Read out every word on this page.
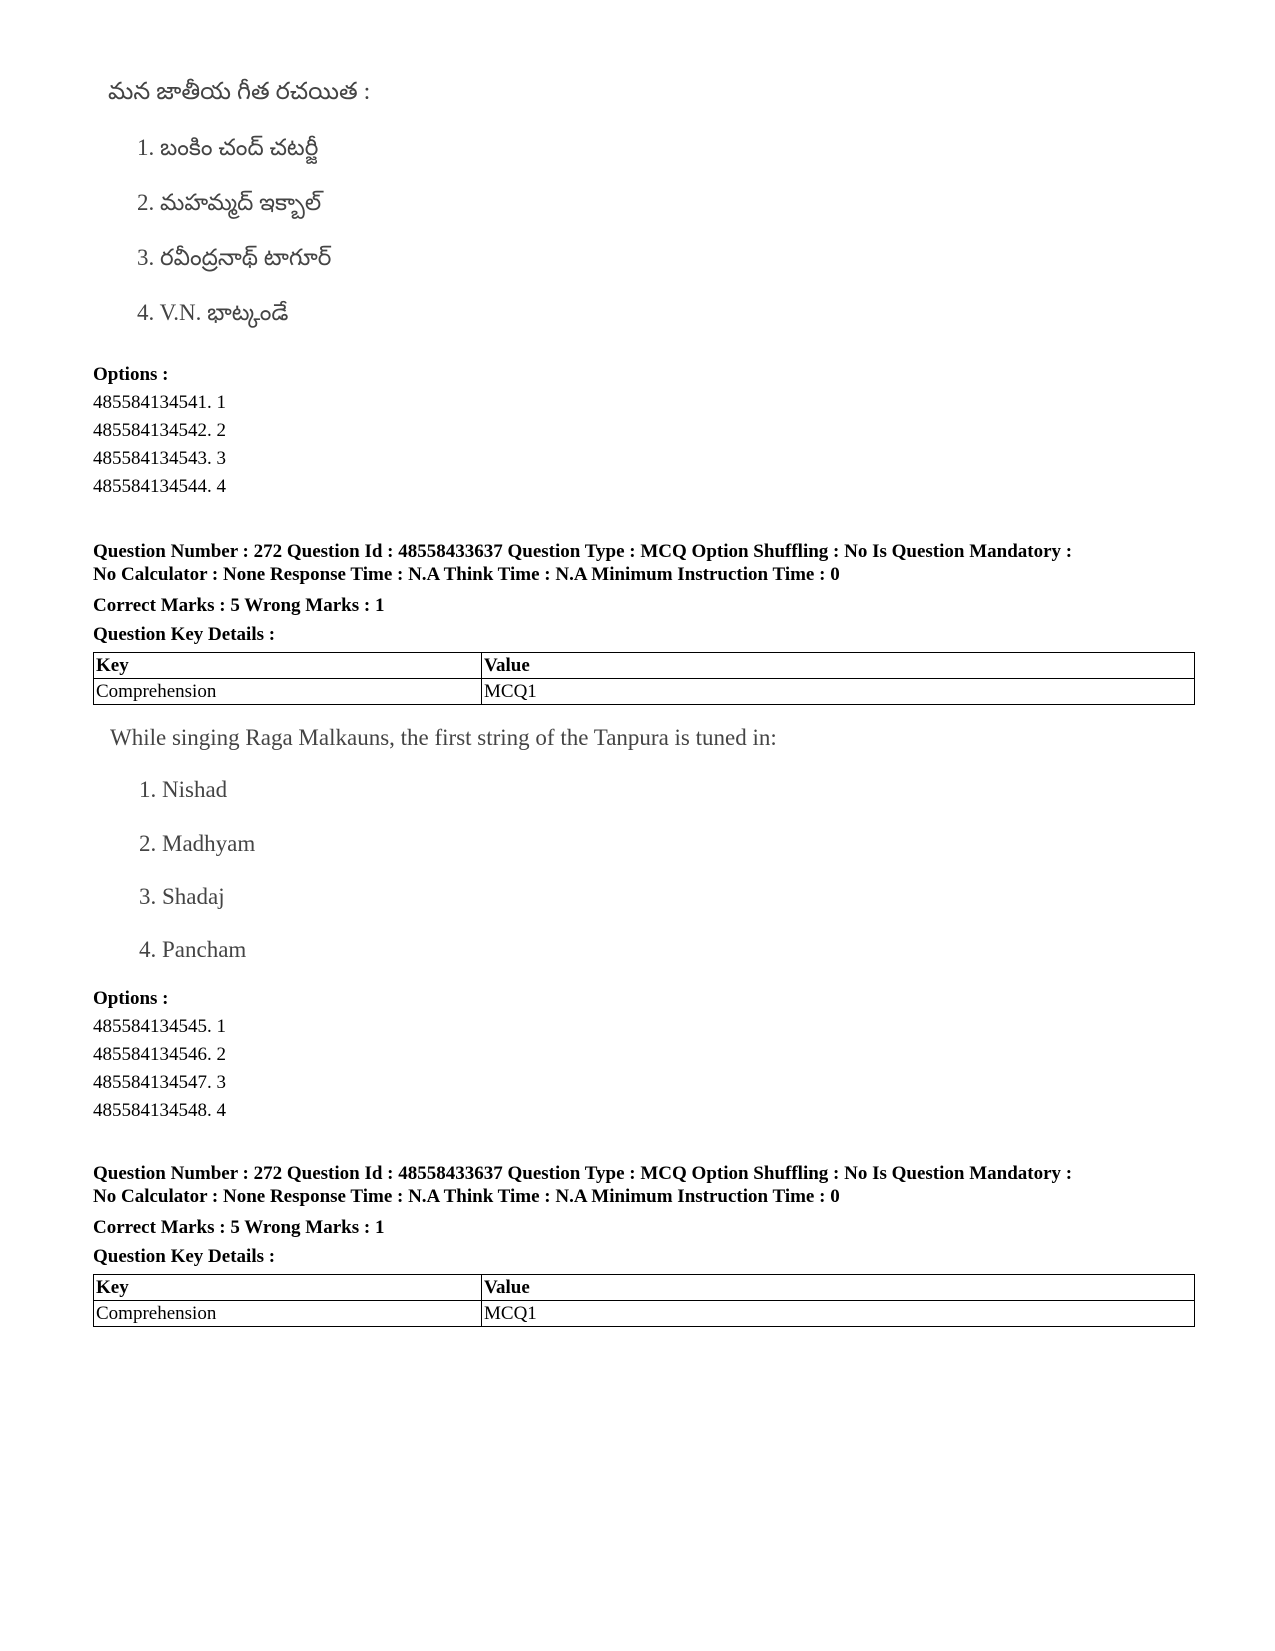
మన జాతీయ గీత రచయిత :
1. బంకిం చంద్ చటర్జీ
2. మహమ్మద్ ఇక్బాల్
3. రవీంద్రనాథ్ టాగూర్
4. V.N. భాట్కండే
Options :
485584134541. 1
485584134542. 2
485584134543. 3
485584134544. 4
Question Number : 272 Question Id : 48558433637 Question Type : MCQ Option Shuffling : No Is Question Mandatory :
No Calculator : None Response Time : N.A Think Time : N.A Minimum Instruction Time : 0
Correct Marks : 5 Wrong Marks : 1
Question Key Details :
Key	Value
Comprehension	MCQ1
While singing Raga Malkauns, the first string of the Tanpura is tuned in:
1. Nishad
2. Madhyam
3. Shadaj
4. Pancham
Options :
485584134545. 1
485584134546. 2
485584134547. 3
485584134548. 4
Question Number : 272 Question Id : 48558433637 Question Type : MCQ Option Shuffling : No Is Question Mandatory :
No Calculator : None Response Time : N.A Think Time : N.A Minimum Instruction Time : 0
Correct Marks : 5 Wrong Marks : 1
Question Key Details :
Key	Value
Comprehension	MCQ1
